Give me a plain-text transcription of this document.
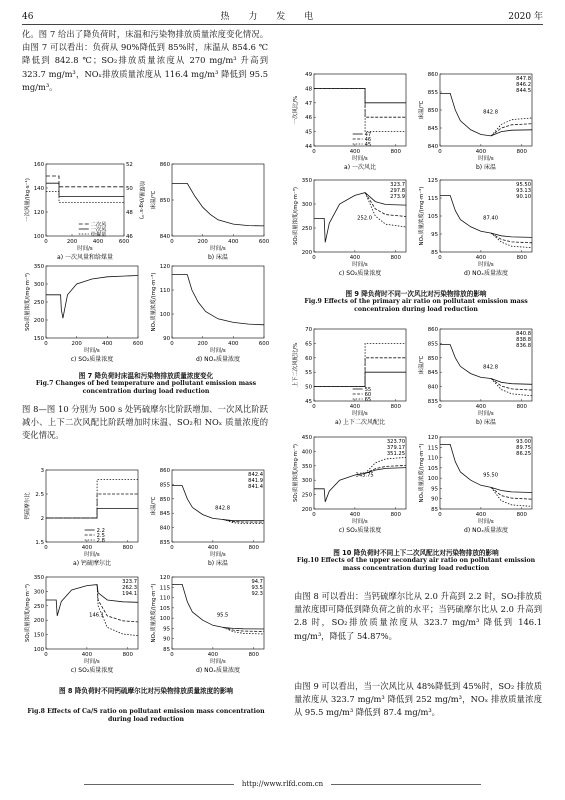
46	热 力 发 电	2020 年
化。图 7 给出了降负荷时，床温和污染物排放质量浓度变化情况。由图 7 可以看出：负荷从 90%降低到 85%时，床温从 854.6 ℃降低到 842.8 ℃；SO₂排放质量浓度从 270 mg/m³ 升高到 323.7 mg/m³，NOₓ排放质量浓度从 116.4 mg/m³ 降低到 95.5 mg/m³。
0	200	400	600
100
120
140
160
46
48
50
52
给煤量/(kg·s⁻¹)
时间/s
一次风量/(kg·s⁻¹)
a) 一次风量和给煤量
二次风
一次风
给煤量
0	200	400	600
840
850
860
时间/s
床温/℃
b) 床温
0	200	400	600
150
200
250
300
350
时间/s
SO₂质量浓度/(mg·m⁻³)
c) SO₂质量浓度
0	200	400	600
90
100
110
120
时间/s
NOₓ质量浓度/(mg·m⁻³)
d) NOₓ质量浓度
图 7 降负荷时床温和污染物排放质量浓度变化
Fig.7 Changes of bed temperature and pollutant emission mass concentration during load reduction
图 8—图 10 分别为 500 s 处钙硫摩尔比阶跃增加、一次风比阶跃减小、上下二次风配比阶跃增加时床温、SO₂和 NOₓ 质量浓度的变化情况。
0	400	800
1.5
2
2.5
3
时间/s
钙硫摩尔比
a) 钙硫摩尔比
2.2
2.5
2.8
0	400	800
835
840
845
850
855
860
时间/s
床温/℃
b) 床温
842.4
841.9
841.4
842.8
0	400	800
100
150
200
250
300
350
时间/s
SO₂质量浓度/(mg·m⁻³)
c) SO₂质量浓度
323.7
262.3
194.1
146.1
0	400	800
85
90
95
100
105
110
115
120
时间/s
NOₓ质量浓度/(mg·m⁻³)
d) NOₓ质量浓度
94.7
93.5
92.3
95.5
图 8 降负荷时不同钙硫摩尔比对污染物排放质量浓度的影响
Fig.8 Effects of Ca/S ratio on pollutant emission mass concentration during load reduction
0	400	800
44
45
46
47
48
49
时间/s
一次风比/%
a) 一次风比
47
46
45
0	400	800
840
845
850
855
860
时间/s
床温/℃
b) 床温
847.8
846.2
844.5
842.8
0	400	800
200
250
300
350
时间/s
SO₂质量浓度/(mg·m⁻³)
c) SO₂质量浓度
323.7
297.8
273.9
252.0
0	400	800
85
95
105
115
125
时间/s
NOₓ质量浓度/(mg·m⁻³)
d) NOₓ质量浓度
95.50
93.13
90.10
87.40
图 9 降负荷时不同一次风比对污染物排放的影响
Fig.9 Effects of the primary air ratio on pollutant emission mass concentraion during load reduction
0	400	800
45
50
55
60
65
70
时间/s
上下二次风配比/%
a) 上下二次风配比
55
60
65
0	400	800
835
840
845
850
855
860
时间/s
床温/℃
b) 床温
840.8
838.8
836.8
842.8
0	400	800
200
250
300
350
400
450
时间/s
SO₂质量浓度/(mg·m⁻³)
c) SO₂质量浓度
323.70
379.17
351.25
343.75
0	400	800
85
90
95
100
105
110
115
120
时间/s
NOₓ质量浓度/(mg·m⁻³)
d) NOₓ质量浓度
93.00
89.75
86.25
95.50
图 10 降负荷时不同上下二次风配比对污染物排放的影响
Fig.10 Effects of the upper secondary air ratio on pollutant emission mass concentration during load reduction
由图 8 可以看出：当钙硫摩尔比从 2.0 升高到 2.2 时，SO₂排放质量浓度即可降低到降负荷之前的水平；当钙硫摩尔比从 2.0 升高到 2.8 时，SO₂排放质量浓度从 323.7 mg/m³ 降低到 146.1 mg/m³，降低了 54.87%。
由图 9 可以看出，当一次风比从 48%降低到 45%时，SO₂ 排放质量浓度从 323.7 mg/m³ 降低到 252 mg/m³，NOₓ 排放质量浓度从 95.5 mg/m³ 降低到 87.4 mg/m³。
http://www.rlfd.com.cn
